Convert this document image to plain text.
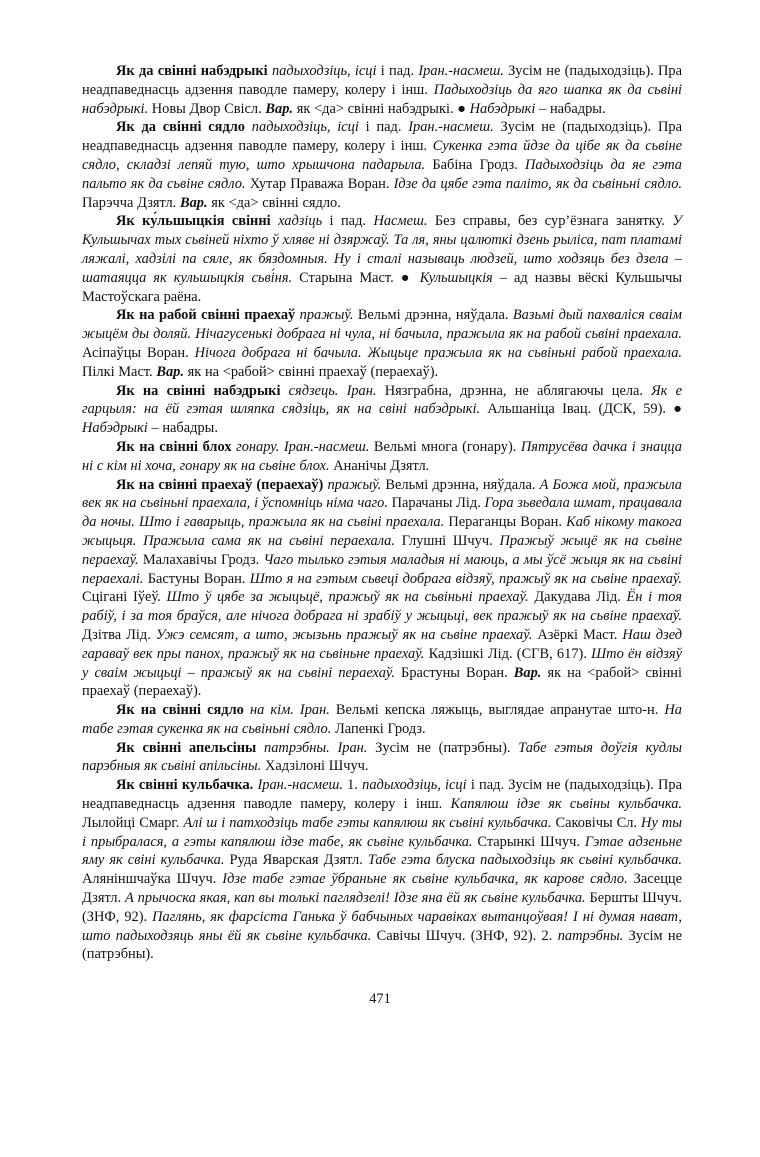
Як да свінні набэдрыкі падыходзіць, ісці і пад. Іран.-насмеш. Зусім не (падыходзіць). Пра неадпаведнасць адзення паводле памеру, колеру і інш. Падыходзіць да яго шапка як да сьвіні набэдрыкі. Новы Двор Свісл. Вар. як <да> свінні набэдрыкі. ● Набэдрыкі – набадры.

Як да свінні сядло падыходзіць, ісці і пад. Іран.-насмеш. Зусім не (падыходзіць). Пра неадпаведнасць адзення паводле памеру, колеру і інш. Сукенка гэта йдзе да цібе як да сьвіне сядло, складзі лепяй тую, што хрышчона падарыла. Бабіна Гродз. Падыходзіць да яе гэта пальто як да сьвіне сядло. Хутар Праважа Воран. Ідзе да цябе гэта паліто, як да сьвіньні сядло. Парэчча Дзятл. Вар. як <да> свінні сядло.

Як ку́льшыцкія свінні хадзіць і пад. Насмеш. Без справы, без сур’ёзнага занятку. У Кульшычах тых сьвіней ніхто ў хляве ні дзяржаў. Та ля, яны цалюткі дзень рыліса, пат платамі ляжалі, хадзілі па сяле, як бяздомныя. Ну і сталі называць людзей, што ходзяць без дзела – шатаяцца як кульшыцкія сьві́ня. Старына Маст. ● Кульшыцкія – ад назвы вёскі Кульшычы Мастоўскага раёна.

Як на рабой свінні праехаў пражыў. Вельмі дрэнна, няўдала. Вазьмі дый пахваліся сваім жыцём ды доляй. Нічагусенькі добрага ні чула, ні бачыла, пражыла як на рабой сьвіні праехала. Асіпаўцы Воран. Нічога добрага ні бачыла. Жыцьце пражыла як на сьвіньні рабой праехала. Пілкі Маст. Вар. як на <рабой> свінні праехаў (пераехаў).

Як на свінні набэдрыкі сядзець. Іран. Нязграбна, дрэнна, не аблягаючы цела. Як е гарцыля: на ёй гэтая шляпка сядзіць, як на свіні набэдрыкі. Альшаніца Івац. (ДСК, 59). ● Набэдрыкі – набадры.

Як на свінні блох гонару. Іран.-насмеш. Вельмі многа (гонару). Пятрусёва дачка і знацца ні с кім ні хоча, гонару як на сьвіне блох. Ананічы Дзятл.

Як на свінні праехаў (пераехаў) пражыў. Вельмі дрэнна, няўдала. А Божа мой, пражыла век як на сьвіньні праехала, і ўспомніць німа чаго. Парачаны Лід. Гора зьведала шмат, працавала да ночы. Што і гаварыць, пражыла як на сьвіні праехала. Пераганцы Воран. Каб нікому такога жыцьця. Пражыла сама як на сьвіні пераехала. Глушні Шчуч. Пражыў жыцё як на сьвіне пераехаў. Малахавічы Гродз. Чаго тылько гэтыя маладыя ні маюць, а мы ўсё жыця як на сьвіні пераехалі. Бастуны Воран. Што я на гэтым сьвеці добрага відзяў, пражыў як на сьвіне праехаў. Сцігані Іўеў. Што ў цябе за жыцьцё, пражыў як на сьвіньні праехаў. Дакудава Лід. Ён і тоя рабіў, і за тоя браўся, але нічога добрага ні зрабіў у жыцьці, век пражыў як на сьвіне праехаў. Дзітва Лід. Ужэ семсят, а што, жызьнь пражыў як на сьвіне праехаў. Азёркі Маст. Наш дзед гараваў век пры панох, пражыў як на сьвіньне праехаў. Кадзішкі Лід. (СГВ, 617). Што ён відзяў у сваім жыцьці – пражыў як на сьвіні пераехаў. Брастуны Воран. Вар. як на <рабой> свінні праехаў (пераехаў).

Як на свінні сядло на кім. Іран. Вельмі кепска ляжыць, выглядае апранутае што-н. На табе гэтая сукенка як на сьвіньні сядло. Лапенкі Гродз.

Як свінні апельсіны патрэбны. Іран. Зусім не (патрэбны). Табе гэтыя доўгія кудлы парэбныя як сьвіні апільсіны. Хадзілоні Шчуч.

Як свінні кульбачка. Іран.-насмеш. 1. падыходзіць, ісці і пад. Зусім не (падыходзіць). Пра неадпаведнасць адзення паводле памеру, колеру і інш. Капялюш ідзе як сьвіны кульбачка. Лылойці Смарг. Алі ш і патходзіць табе гэты капялюш як сьвіні кульбачка. Саковічы Сл. Ну ты і прыбралася, а гэты капялюш ідзе табе, як сьвіне кульбачка. Старынкі Шчуч. Гэтае адзеньне яму як свіні кульбачка. Руда Яварская Дзятл. Табе гэта блуска падыходзіць як сьвіні кульбачка. Аляніншчаўка Шчуч. Ідзе табе гэтае ўбраньне як сьвіне кульбачка, як карове сядло. Засецце Дзятл. А прычоска якая, кап вы толькі паглядзелі! Ідзе яна ёй як сьвіне кульбачка. Бершты Шчуч. (ЗНФ, 92). Паглянь, як фарсіста Ганька ў бабчыных чаравіках вытанцоўвая! І ні думая нават, што падыходзяць яны ёй як сьвіне кульбачка. Савічы Шчуч. (ЗНФ, 92). 2. патрэбны. Зусім не (патрэбны).

471
